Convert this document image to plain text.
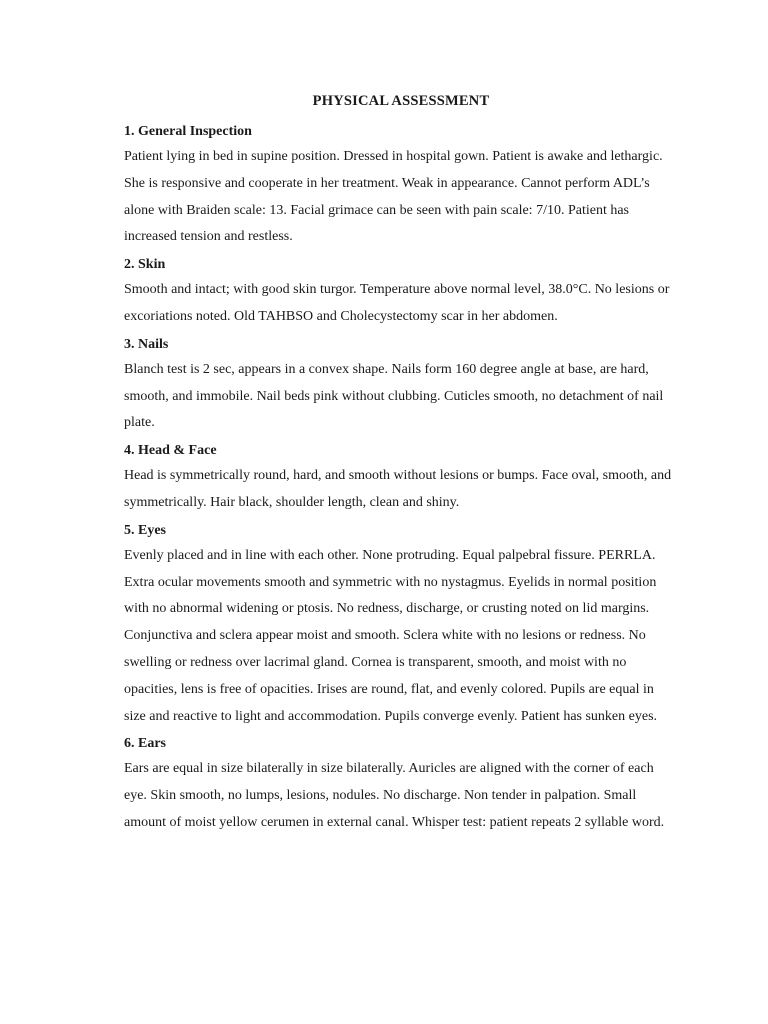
PHYSICAL ASSESSMENT
1. General Inspection

Patient lying in bed in supine position. Dressed in hospital gown. Patient is awake and lethargic. She is responsive and cooperate in her treatment. Weak in appearance. Cannot perform ADL’s alone with Braiden scale: 13. Facial grimace can be seen with pain scale: 7/10. Patient has increased tension and restless.

2. Skin

Smooth and intact; with good skin turgor. Temperature above normal level, 38.0°C. No lesions or excoriations noted. Old TAHBSO and Cholecystectomy scar in her abdomen.

3. Nails

Blanch test is 2 sec, appears in a convex shape. Nails form 160 degree angle at base, are hard, smooth, and immobile. Nail beds pink without clubbing. Cuticles smooth, no detachment of nail plate.

4. Head & Face

Head is symmetrically round, hard, and smooth without lesions or bumps. Face oval, smooth, and symmetrically. Hair black, shoulder length, clean and shiny.

5. Eyes

Evenly placed and in line with each other. None protruding. Equal palpebral fissure. PERRLA. Extra ocular movements smooth and symmetric with no nystagmus. Eyelids in normal position with no abnormal widening or ptosis. No redness, discharge, or crusting noted on lid margins. Conjunctiva and sclera appear moist and smooth. Sclera white with no lesions or redness. No swelling or redness over lacrimal gland. Cornea is transparent, smooth, and moist with no opacities, lens is free of opacities. Irises are round, flat, and evenly colored. Pupils are equal in size and reactive to light and accommodation. Pupils converge evenly. Patient has sunken eyes.

6. Ears

Ears are equal in size bilaterally in size bilaterally. Auricles are aligned with the corner of each eye. Skin smooth, no lumps, lesions, nodules. No discharge. Non tender in palpation. Small amount of moist yellow cerumen in external canal. Whisper test: patient repeats 2 syllable word.
